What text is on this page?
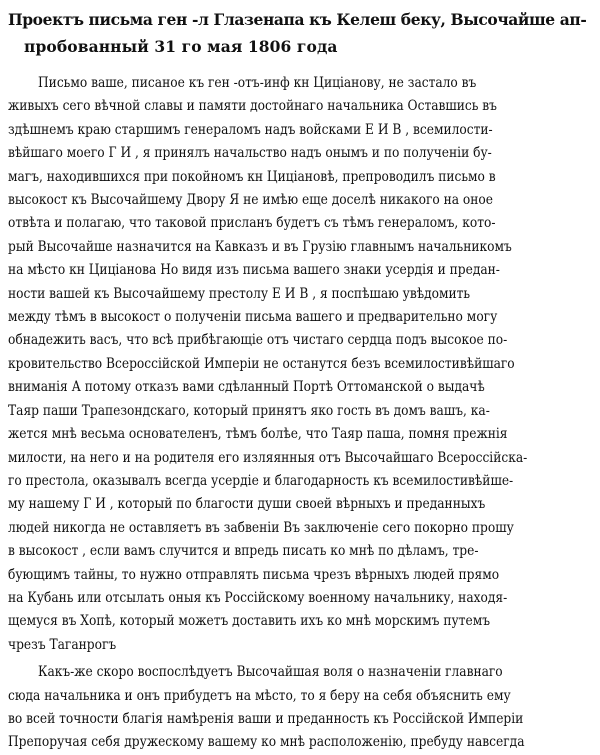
Проектъ письма ген -л Глазенапа къ Келеш беку, Высочайше ап-
пробованный 31 го мая 1806 года
Письмо ваше, писаное къ ген -отъ-инф кн Цицiанову, не застало въ
живыхъ сего вѣчной славы и памяти достойнаго начальника Оставшись въ
здѣшнемъ краю старшимъ генераломъ надъ войсками Е И В , всемилости-
вѣйшаго моего Г И , я принялъ начальство надъ онымъ и по полученiи бу-
магъ, находившихся при покойномъ кн Цицiановѣ, препроводилъ письмо в
высокост къ Высочайшему Двору Я не имѣю еще доселѣ никакого на оное
отвѣта и полагаю, что таковой присланъ будетъ съ тѣмъ генераломъ, кото-
рый Высочайше назначится на Кавказъ и въ Грузiю главнымъ начальникомъ
на мѣсто кн Цицiанова Но видя изъ письма вашего знаки усердiя и предан-
ности вашей къ Высочайшему престолу Е И В , я поспѣшаю увѣдомить
между тѣмъ в высокост о полученiи письма вашего и предварительно могу
обнадежить васъ, что всѣ прибѣгающiе отъ чистаго сердца подъ высокое по-
кровительство Всероссiйской Имперiи не останутся безъ всемилостивѣйшаго
вниманiя А потому отказъ вами сдѣланный Портѣ Оттоманской о выдачѣ
Таяр паши Трапезондскаго, который принятъ яко гость въ домъ вашъ, ка-
жется мнѣ весьма основателенъ, тѣмъ болѣе, что Таяр паша, помня прежнiя
милости, на него и на родителя его изляянныя отъ Высочайшаго Всероссiйска-
го престола, оказывалъ всегда усердiе и благодарность къ всемилостивѣйше-
му нашему Г И , который по благости души своей вѣрныхъ и преданныхъ
людей никогда не оставляетъ въ забвенiи Въ заключенiе сего покорно прошу
в высокост , если вамъ случится и впредь писать ко мнѣ по дѣламъ, тре-
бующимъ тайны, то нужно отправлять письма чрезъ вѣрныхъ людей прямо
на Кубань или отсылать оныя къ Россiйскому военному начальнику, находя-
щемуся въ Хопѣ, который можетъ доставить ихъ ко мнѣ морскимъ путемъ
чрезъ Таганрогъ
Какъ-же скоро воспослѣдуетъ Высочайшая воля о назначенiи главнаго
сюда начальника и онъ прибудетъ на мѣсто, то я беру на себя объяснить ему
во всей точности благiя намѣренiя ваши и преданность къ Россiйской Имперiи
Препоручая себя дружескому вашему ко мнѣ расположенiю, пребуду навсегда
